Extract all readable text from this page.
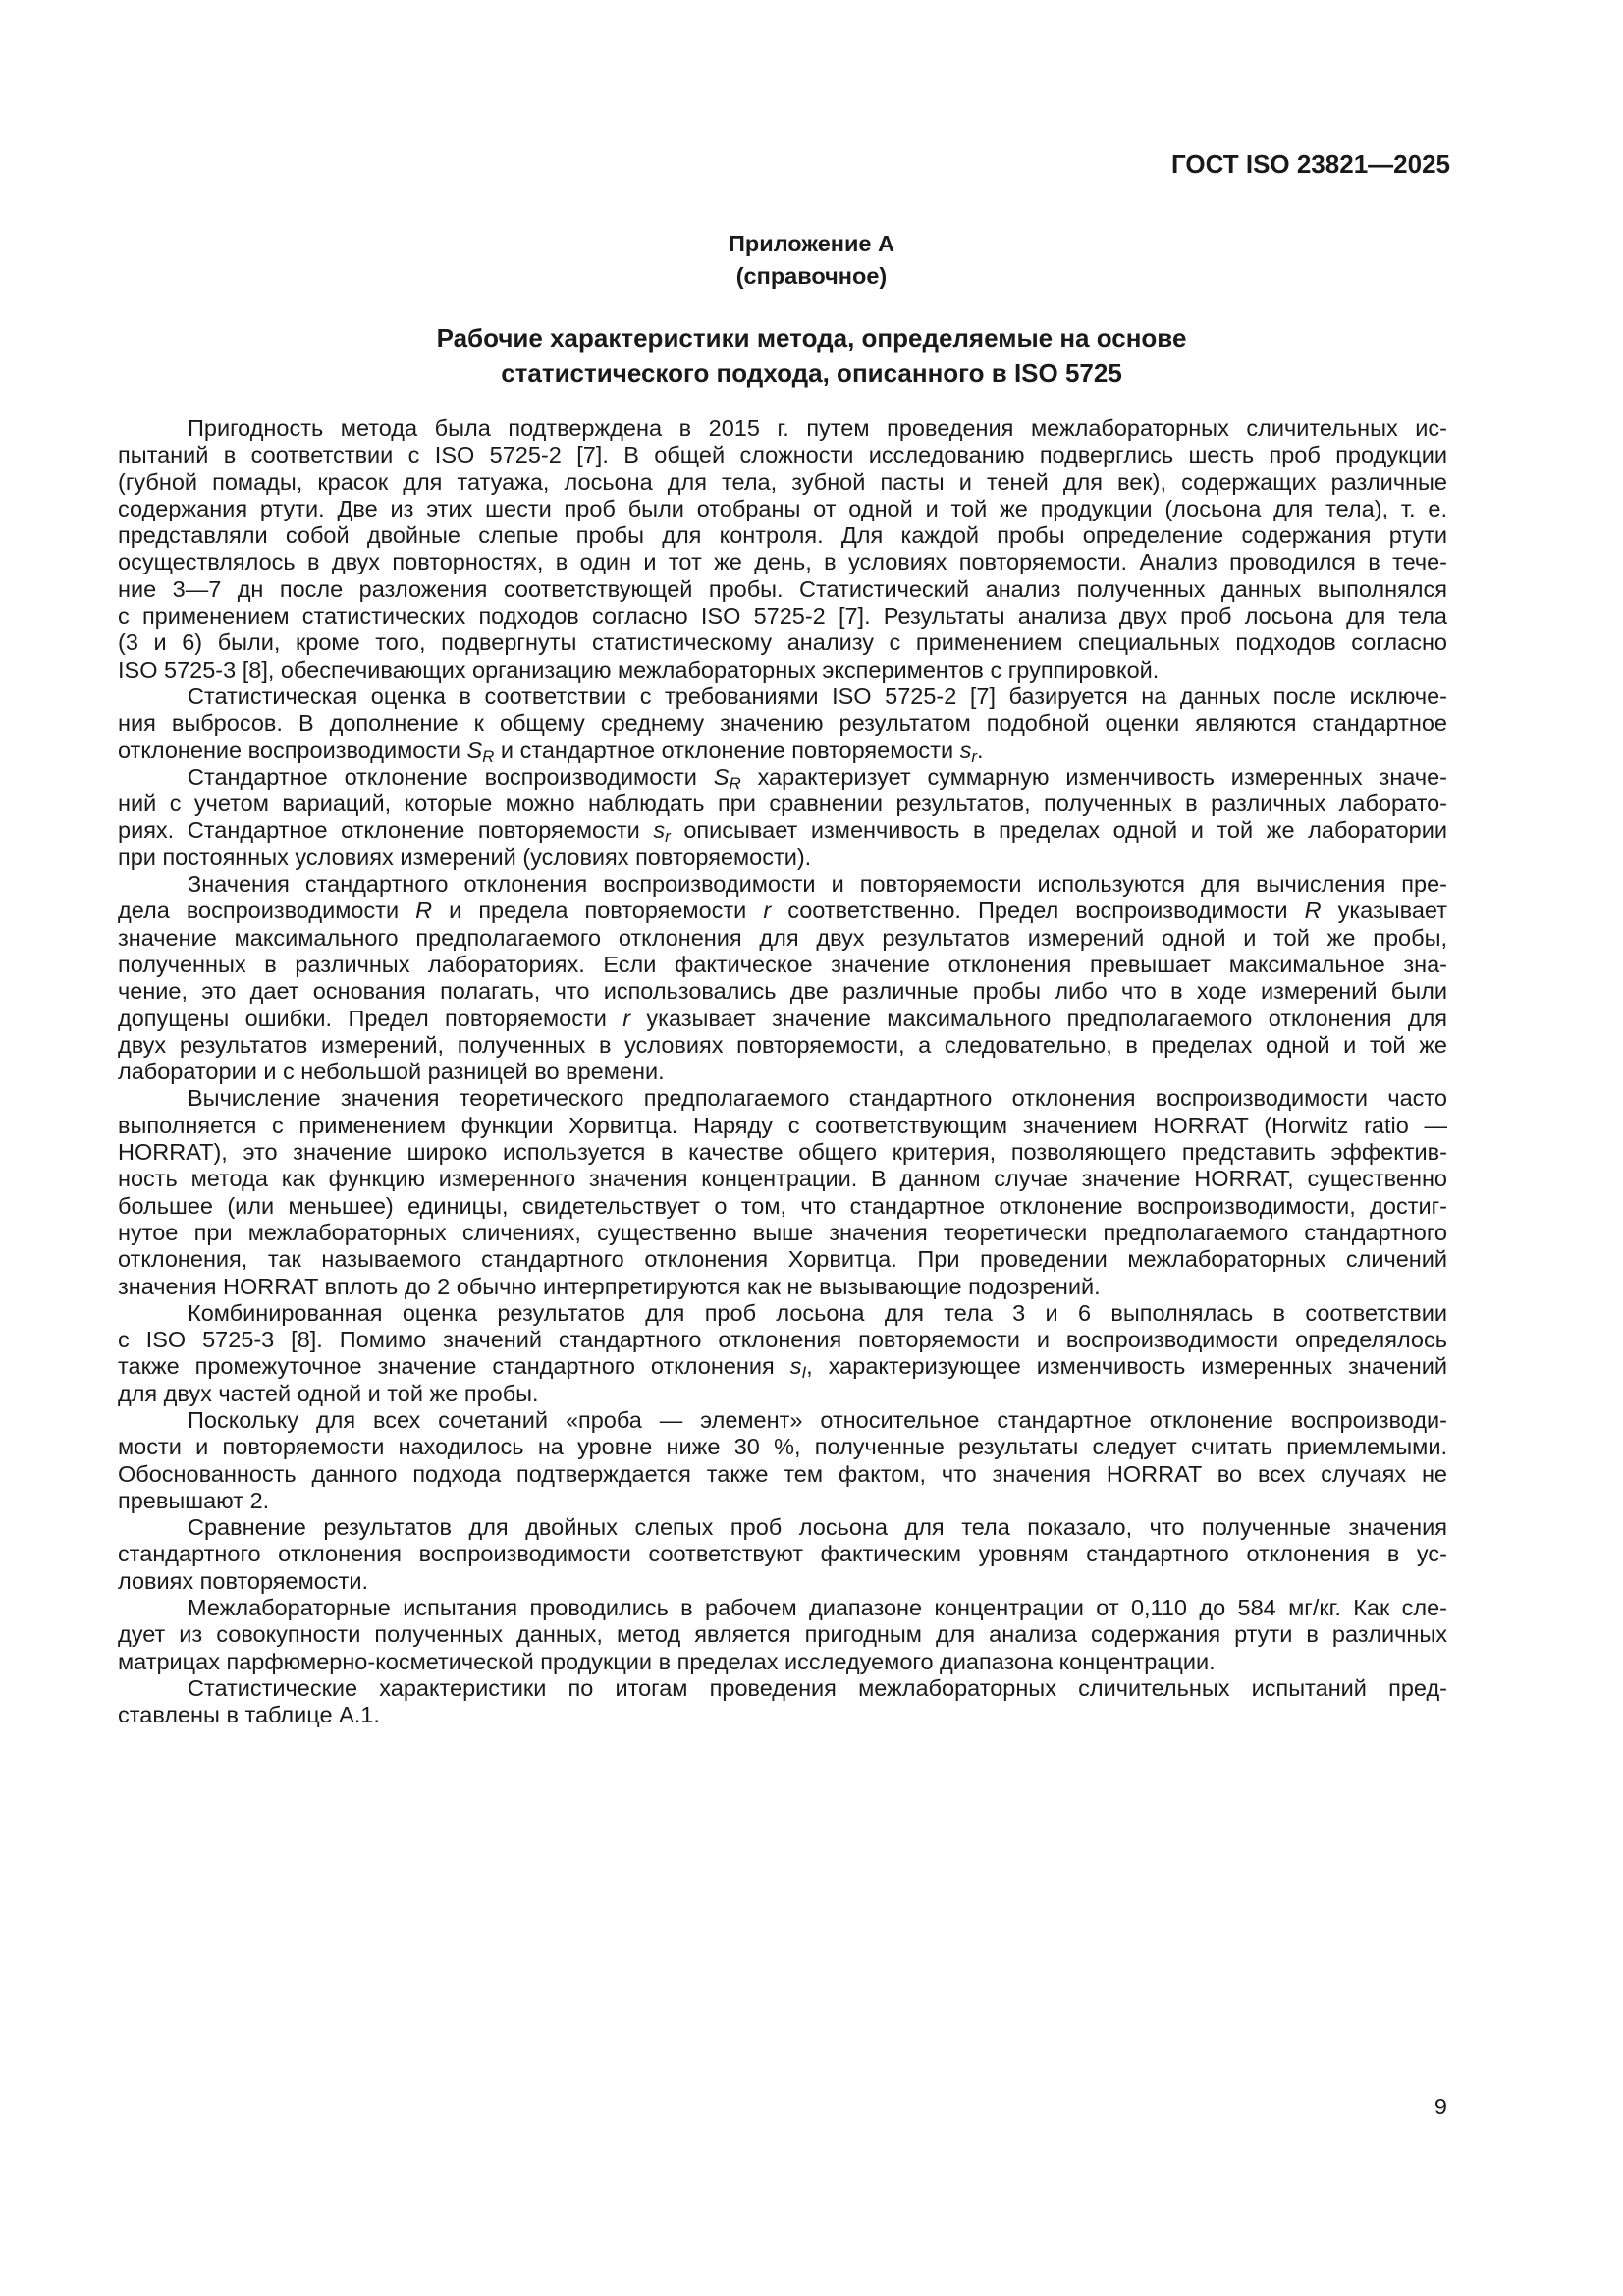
ГОСТ ISO 23821—2025
Приложение А
(справочное)
Рабочие характеристики метода, определяемые на основе
статистического подхода, описанного в ISO 5725

Пригодность метода была подтверждена в 2015 г. путем проведения межлабораторных сличительных ис-
пытаний в соответствии с ISO 5725-2 [7]. В общей сложности исследованию подверглись шесть проб продукции
(губной помады, красок для татуажа, лосьона для тела, зубной пасты и теней для век), содержащих различные
содержания ртути. Две из этих шести проб были отобраны от одной и той же продукции (лосьона для тела), т. е.
представляли собой двойные слепые пробы для контроля. Для каждой пробы определение содержания ртути
осуществлялось в двух повторностях, в один и тот же день, в условиях повторяемости. Анализ проводился в тече-
ние 3—7 дн после разложения соответствующей пробы. Статистический анализ полученных данных выполнялся
с применением статистических подходов согласно ISO 5725-2 [7]. Результаты анализа двух проб лосьона для тела
(3 и 6) были, кроме того, подвергнуты статистическому анализу с применением специальных подходов согласно
ISO 5725-3 [8], обеспечивающих организацию межлабораторных экспериментов с группировкой.

Статистическая оценка в соответствии с требованиями ISO 5725-2 [7] базируется на данных после исключе-
ния выбросов. В дополнение к общему среднему значению результатом подобной оценки являются стандартное
отклонение воспроизводимости $S_R$ и стандартное отклонение повторяемости $s_r$.

Стандартное отклонение воспроизводимости $S_R$ характеризует суммарную изменчивость измеренных значе-
ний с учетом вариаций, которые можно наблюдать при сравнении результатов, полученных в различных лаборато-
риях. Стандартное отклонение повторяемости $s_r$ описывает изменчивость в пределах одной и той же лаборатории
при постоянных условиях измерений (условиях повторяемости).

Значения стандартного отклонения воспроизводимости и повторяемости используются для вычисления пре-
дела воспроизводимости R и предела повторяемости r соответственно. Предел воспроизводимости R указывает
значение максимального предполагаемого отклонения для двух результатов измерений одной и той же пробы,
полученных в различных лабораториях. Если фактическое значение отклонения превышает максимальное зна-
чение, это дает основания полагать, что использовались две различные пробы либо что в ходе измерений были
допущены ошибки. Предел повторяемости r указывает значение максимального предполагаемого отклонения для
двух результатов измерений, полученных в условиях повторяемости, а следовательно, в пределах одной и той же
лаборатории и с небольшой разницей во времени.

Вычисление значения теоретического предполагаемого стандартного отклонения воспроизводимости часто
выполняется с применением функции Хорвитца. Наряду с соответствующим значением HORRAT (Horwitz ratio —
HORRAT), это значение широко используется в качестве общего критерия, позволяющего представить эффектив-
ность метода как функцию измеренного значения концентрации. В данном случае значение HORRAT, существенно
большее (или меньшее) единицы, свидетельствует о том, что стандартное отклонение воспроизводимости, достиг-
нутое при межлабораторных сличениях, существенно выше значения теоретически предполагаемого стандартного
отклонения, так называемого стандартного отклонения Хорвитца. При проведении межлабораторных сличений
значения HORRAT вплоть до 2 обычно интерпретируются как не вызывающие подозрений.

Комбинированная оценка результатов для проб лосьона для тела 3 и 6 выполнялась в соответствии
с ISO 5725-3 [8]. Помимо значений стандартного отклонения повторяемости и воспроизводимости определялось
также промежуточное значение стандартного отклонения $s_I$, характеризующее изменчивость измеренных значений
для двух частей одной и той же пробы.

Поскольку для всех сочетаний «проба — элемент» относительное стандартное отклонение воспроизводи-
мости и повторяемости находилось на уровне ниже 30 %, полученные результаты следует считать приемлемыми.
Обоснованность данного подхода подтверждается также тем фактом, что значения HORRAT во всех случаях не
превышают 2.

Сравнение результатов для двойных слепых проб лосьона для тела показало, что полученные значения
стандартного отклонения воспроизводимости соответствуют фактическим уровням стандартного отклонения в ус-
ловиях повторяемости.

Межлабораторные испытания проводились в рабочем диапазоне концентрации от 0,110 до 584 мг/кг. Как сле-
дует из совокупности полученных данных, метод является пригодным для анализа содержания ртути в различных
матрицах парфюмерно-косметической продукции в пределах исследуемого диапазона концентрации.

Статистические характеристики по итогам проведения межлабораторных сличительных испытаний пред-
ставлены в таблице А.1.

9
